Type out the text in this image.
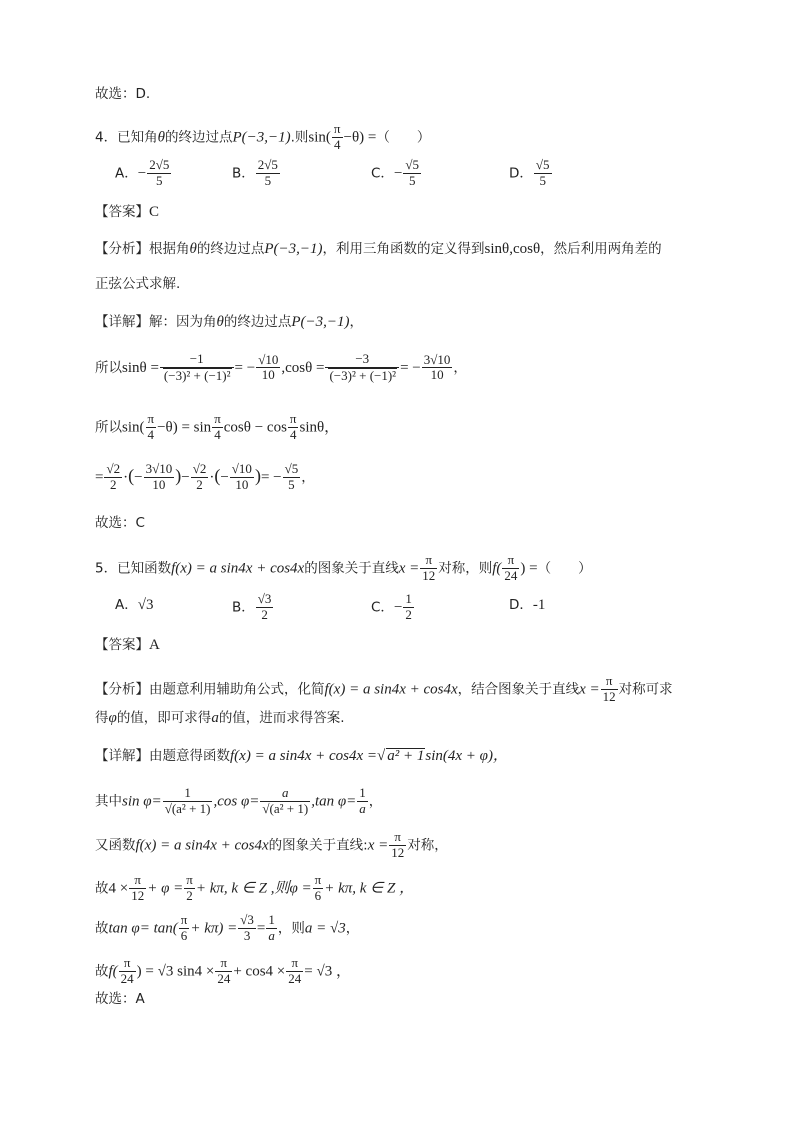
故选：D.
4．已知角θ的终边过点P(−3,−1).则$\sin( \frac{\pi}{4} -\theta)$ =（　　）
A．− $\frac{2√5}{5}$	B． $\frac{2√5}{5}$	C．− $\frac{√5}{5}$	D． $\frac{√5}{5}$
【答案】C
【分析】根据角θ的终边过点P(−3,−1)，利用三角函数的定义得到sinθ,cosθ，然后利用两角差的
正弦公式求解.
【详解】解：因为角θ的终边过点P(−3,−1)，
所以$\sin\theta = \frac{-1}{\text{(−3)² + (−1)²}}$ = − $\frac{√10}{10} ,\cos\theta = \frac{-3}{\text{(−3)² + (−1)²}}$ = − $\frac{3√10}{10}$ ，
所以$\sin( \frac{\pi}{4} -\theta) = \sin \frac{\pi}{4}$ $\cos\theta - \cos \frac{\pi}{4}$ sinθ，
= $\frac{√2}{2}$ ·(− $\frac{3√10}{10}$ )− $\frac{√2}{2}$ ·(− $\frac{√10}{10}$ )= − $\frac{√5}{5}$ ，
故选：C
5．已知函数f(x) = a sin4x + cos4x的图象关于直线$x = \frac{\pi}{12}$ 对称，则$f( \frac{\pi}{24}$ ) =（　　）
A．√3	B． $\frac{√3}{2}$	C．− $\frac{1}{2}$	D．-1
【答案】A
【分析】由题意利用辅助角公式，化简f(x) = a sin4x + cos4x，结合图象关于直线$x = \frac{\pi}{12}$ 对称可求
得φ的值，即可求得a的值，进而求得答案.
【详解】由题意得函数f(x) = a sin4x + cos4x =√ a² + 1sin(4x + φ)，
其中$\sin \varphi= \frac{1}{\text{√(a² + 1)}} ,\cos$ $\varphi= \frac{a}{\text{√(a² + 1)}} ,\tan$ $\varphi= \frac{1}{a}$ ，
又函数f(x) = a sin4x + cos4x的图象关于直线:x = $\frac{\pi}{12}$ 对称，
故$4 \times \frac{\pi}{12} + \varphi = \frac{\pi}{2} + k\pi$, k ∈ Z ,则$\varphi = \frac{\pi}{6} + k\pi$, k ∈ Z ，
故$\tan \varphi= \tan( \frac{\pi}{6} + k\pi) = \frac{√3}{3} = \frac{1}{a}$ ，则a = √3，
故$f( \frac{\pi}{24}$ ) = √3 $\sin 4 \times \frac{\pi}{24} + \cos 4 \times \frac{\pi}{24} = √3$ ，
故选：A
